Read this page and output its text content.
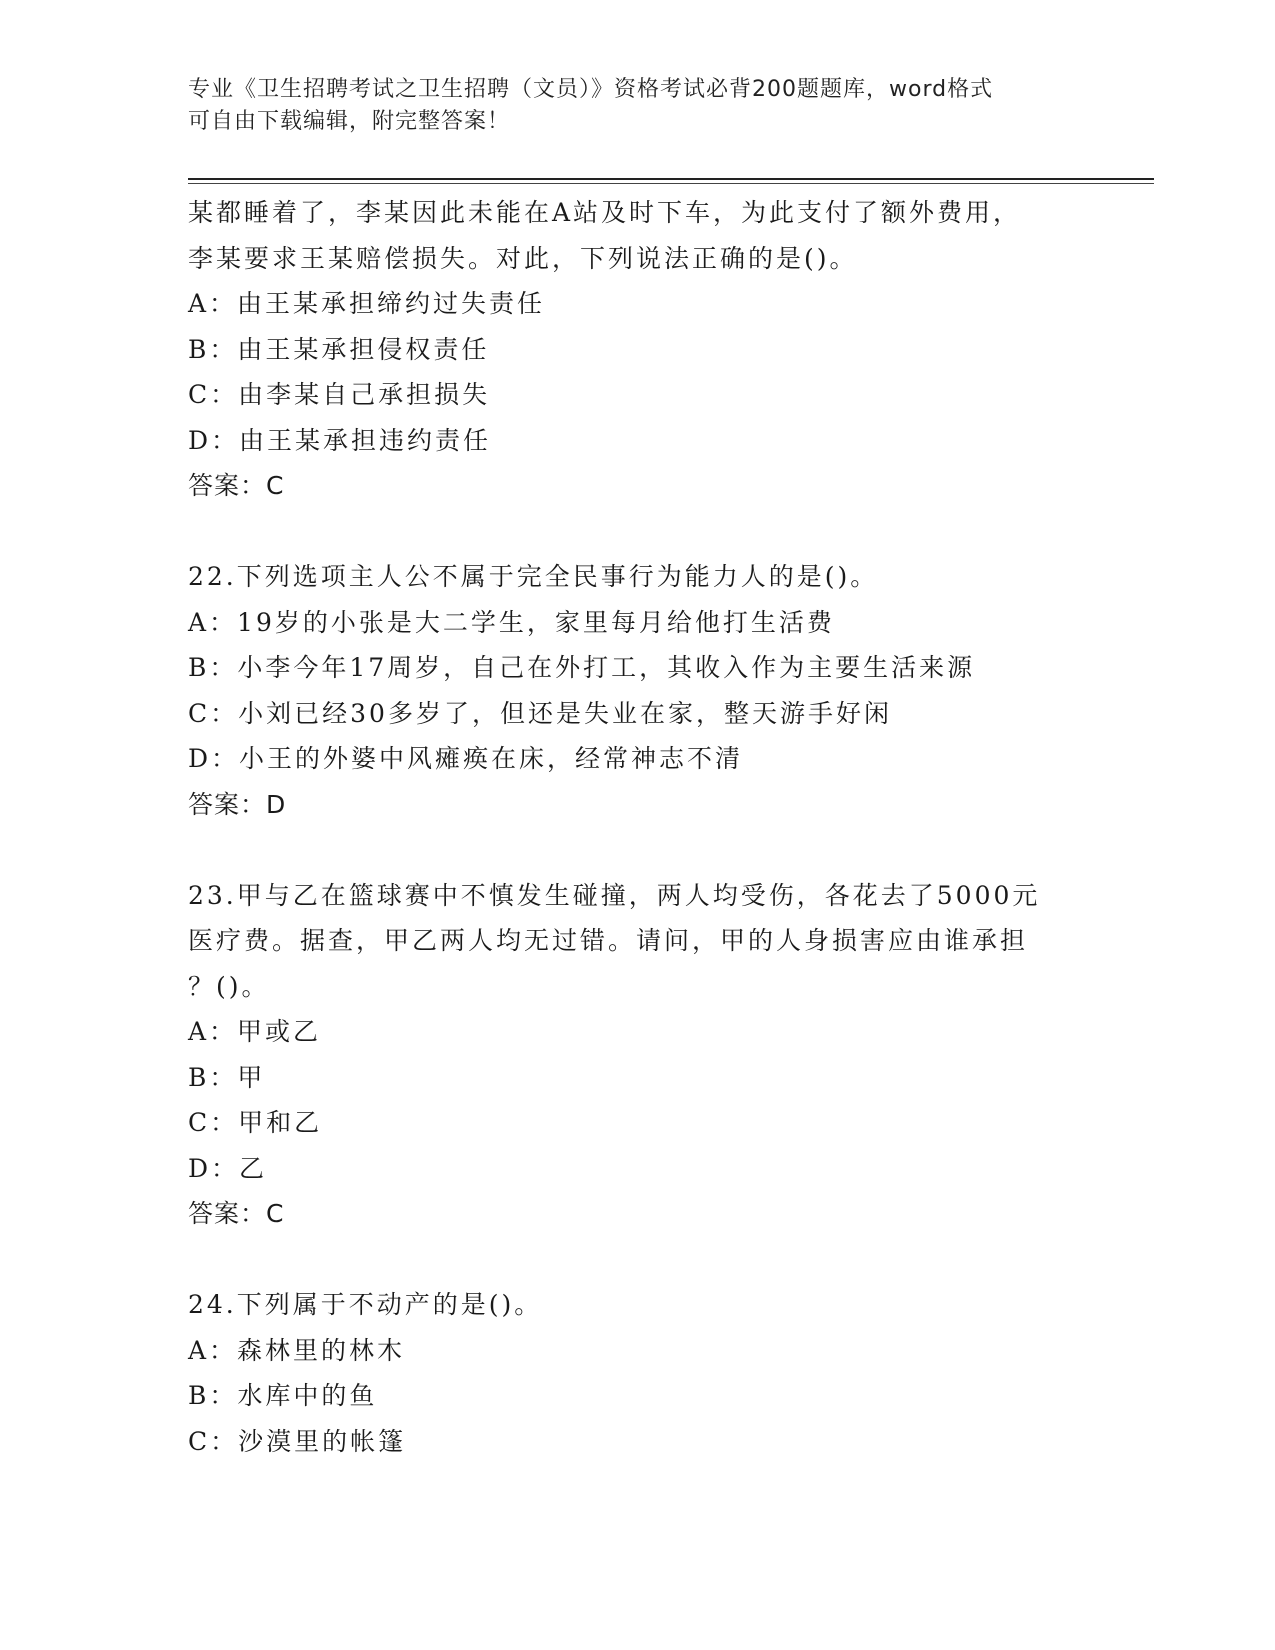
专业《卫生招聘考试之卫生招聘（文员）》资格考试必背200题题库，word格式
可自由下载编辑，附完整答案！
某都睡着了，李某因此未能在A站及时下车，为此支付了额外费用，
李某要求王某赔偿损失。对此，下列说法正确的是()。
A：由王某承担缔约过失责任
B：由王某承担侵权责任
C：由李某自己承担损失
D：由王某承担违约责任
答案：C
22.下列选项主人公不属于完全民事行为能力人的是()。
A：19岁的小张是大二学生，家里每月给他打生活费
B：小李今年17周岁，自己在外打工，其收入作为主要生活来源
C：小刘已经30多岁了，但还是失业在家，整天游手好闲
D：小王的外婆中风瘫痪在床，经常神志不清
答案：D
23.甲与乙在篮球赛中不慎发生碰撞，两人均受伤，各花去了5000元
医疗费。据查，甲乙两人均无过错。请问，甲的人身损害应由谁承担
？()。
A：甲或乙
B：甲
C：甲和乙
D：乙
答案：C
24.下列属于不动产的是()。
A：森林里的林木
B：水库中的鱼
C：沙漠里的帐篷
